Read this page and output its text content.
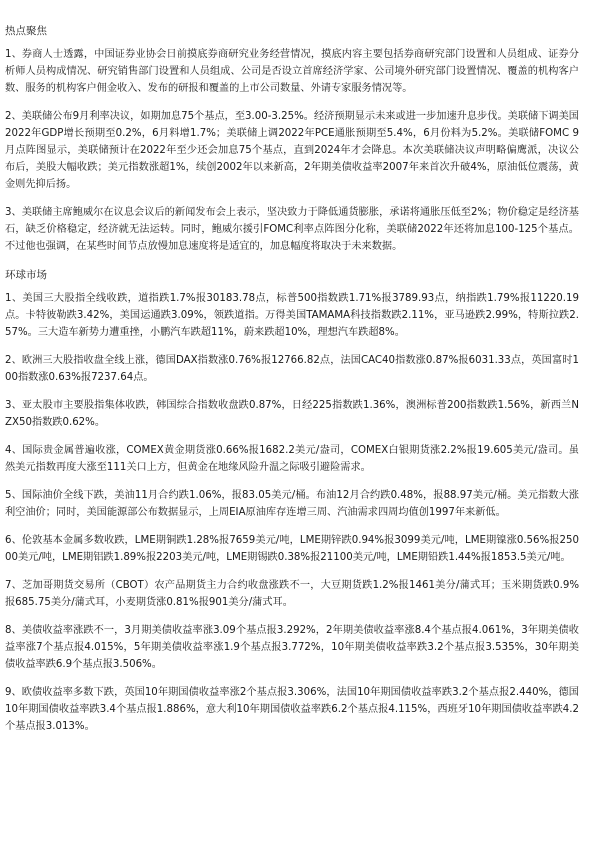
热点聚焦

1、券商人士透露，中国证券业协会日前摸底券商研究业务经营情况，摸底内容主要包括券商研究部门设置和人员组成、证券分析师人员构成情况、研究销售部门设置和人员组成、公司是否设立首席经济学家、公司境外研究部门设置情况、覆盖的机构客户数、服务的机构客户佣金收入、发布的研报和覆盖的上市公司数量、外请专家服务情况等。

2、美联储公布9月利率决议，如期加息75个基点，至3.00-3.25%。经济预期显示未来或进一步加速升息步伐。美联储下调美国2022年GDP增长预期至0.2%，6月料增1.7%；美联储上调2022年PCE通胀预期至5.4%，6月份料为5.2%。美联储FOMC 9月点阵图显示，美联储预计在2022年至少还会加息75个基点，直到2024年才会降息。本次美联储决议声明略偏鹰派，决议公布后，美股大幅收跌；美元指数涨超1%，续创2002年以来新高，2年期美债收益率2007年来首次升破4%，原油低位震荡，黄金则先抑后扬。

3、美联储主席鲍威尔在议息会议后的新闻发布会上表示，坚决致力于降低通货膨胀，承诺将通胀压低至2%；物价稳定是经济基石，缺乏价格稳定，经济就无法运转。同时，鲍威尔援引FOMC利率点阵图分化称，美联储2022年还将加息100-125个基点。不过他也强调，在某些时间节点放慢加息速度将是适宜的，加息幅度将取决于未来数据。

环球市场

1、美国三大股指全线收跌，道指跌1.7%报30183.78点，标普500指数跌1.71%报3789.93点，纳指跌1.79%报11220.19点。卡特彼勒跌3.42%，美国运通跌3.09%，领跌道指。万得美国TAMAMA科技指数跌2.11%，亚马逊跌2.99%，特斯拉跌2.57%。三大造车新势力遭重挫，小鹏汽车跌超11%，蔚来跌超10%，理想汽车跌超8%。

2、欧洲三大股指收盘全线上涨，德国DAX指数涨0.76%报12766.82点，法国CAC40指数涨0.87%报6031.33点，英国富时100指数涨0.63%报7237.64点。

3、亚太股市主要股指集体收跌，韩国综合指数收盘跌0.87%，日经225指数跌1.36%，澳洲标普200指数跌1.56%，新西兰NZX50指数跌0.62%。

4、国际贵金属普遍收涨，COMEX黄金期货涨0.66%报1682.2美元/盎司，COMEX白银期货涨2.2%报19.605美元/盎司。虽然美元指数再度大涨至111关口上方，但黄金在地缘风险升温之际吸引避险需求。

5、国际油价全线下跌，美油11月合约跌1.06%，报83.05美元/桶。布油12月合约跌0.48%，报88.97美元/桶。美元指数大涨利空油价；同时，美国能源部公布数据显示，上周EIA原油库存连增三周、汽油需求四周均值创1997年来新低。

6、伦敦基本金属多数收跌，LME期铜跌1.28%报7659美元/吨，LME期锌跌0.94%报3099美元/吨，LME期镍涨0.56%报25000美元/吨，LME期铝跌1.89%报2203美元/吨，LME期锡跌0.38%报21100美元/吨，LME期铅跌1.44%报1853.5美元/吨。

7、芝加哥期货交易所（CBOT）农产品期货主力合约收盘涨跌不一，大豆期货跌1.2%报1461美分/蒲式耳；玉米期货跌0.9%报685.75美分/蒲式耳，小麦期货涨0.81%报901美分/蒲式耳。

8、美债收益率涨跌不一，3月期美债收益率涨3.09个基点报3.292%，2年期美债收益率涨8.4个基点报4.061%，3年期美债收益率涨7个基点报4.015%，5年期美债收益率涨1.9个基点报3.772%，10年期美债收益率跌3.2个基点报3.535%，30年期美债收益率跌6.9个基点报3.506%。

9、欧债收益率多数下跌，英国10年期国债收益率涨2个基点报3.306%，法国10年期国债收益率跌3.2个基点报2.440%，德国10年期国债收益率跌3.4个基点报1.886%，意大利10年期国债收益率跌6.2个基点报4.115%，西班牙10年期国债收益率跌4.2个基点报3.013%。
